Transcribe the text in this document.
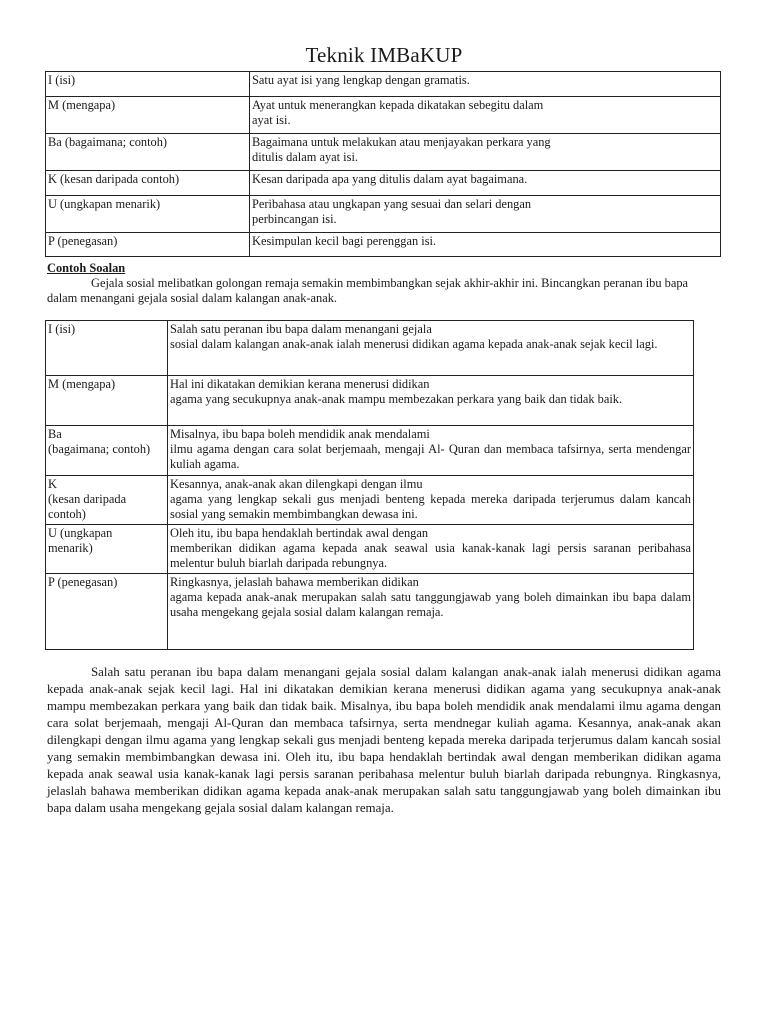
Teknik IMBaKUP
I (isi)	Satu ayat isi yang lengkap dengan gramatis.
M (mengapa)	Ayat untuk menerangkan kepada dikatakan sebegitu dalam
ayat isi.
Ba (bagaimana; contoh)	Bagaimana untuk melakukan atau menjayakan perkara yang
ditulis dalam ayat isi.
K (kesan daripada contoh)	Kesan daripada apa yang ditulis dalam ayat bagaimana.
U (ungkapan menarik)	Peribahasa atau ungkapan yang sesuai dan selari dengan
perbincangan isi.
P (penegasan)	Kesimpulan kecil bagi perenggan isi.
Contoh Soalan
Gejala sosial melibatkan golongan remaja semakin membimbangkan sejak akhir-akhir ini. Bincangkan peranan ibu bapa dalam menangani gejala sosial dalam kalangan anak-anak.
I (isi)	Salah satu peranan ibu bapa dalam menangani gejala
sosial dalam kalangan anak-anak ialah menerusi didikan agama kepada anak-anak sejak kecil lagi.
M (mengapa)	Hal ini dikatakan demikian kerana menerusi didikan
agama yang secukupnya anak-anak mampu membezakan perkara yang baik dan tidak baik.
Ba
(bagaimana; contoh)	Misalnya, ibu bapa boleh mendidik anak mendalami
ilmu agama dengan cara solat berjemaah, mengaji Al- Quran dan membaca tafsirnya, serta mendengar kuliah agama.
K
(kesan daripada
contoh)	Kesannya, anak-anak akan dilengkapi dengan ilmu
agama yang lengkap sekali gus menjadi benteng kepada mereka daripada terjerumus dalam kancah sosial yang semakin membimbangkan dewasa ini.
U (ungkapan
menarik)	Oleh itu, ibu bapa hendaklah bertindak awal dengan
memberikan didikan agama kepada anak seawal usia kanak-kanak lagi persis saranan peribahasa melentur buluh biarlah daripada rebungnya.
P (penegasan)	Ringkasnya, jelaslah bahawa memberikan didikan
agama kepada anak-anak merupakan salah satu tanggungjawab yang boleh dimainkan ibu bapa dalam usaha mengekang gejala sosial dalam kalangan remaja.

Salah satu peranan ibu bapa dalam menangani gejala sosial dalam kalangan anak-anak ialah menerusi didikan agama kepada anak-anak sejak kecil lagi. Hal ini dikatakan demikian kerana menerusi didikan agama yang secukupnya anak-anak mampu membezakan perkara yang baik dan tidak baik. Misalnya, ibu bapa boleh mendidik anak mendalami ilmu agama dengan cara solat berjemaah, mengaji Al-Quran dan membaca tafsirnya, serta mendnegar kuliah agama. Kesannya, anak-anak akan dilengkapi dengan ilmu agama yang lengkap sekali gus menjadi benteng kepada mereka daripada terjerumus dalam kancah sosial yang semakin membimbangkan dewasa ini. Oleh itu, ibu bapa hendaklah bertindak awal dengan memberikan didikan agama kepada anak seawal usia kanak-kanak lagi persis saranan peribahasa melentur buluh biarlah daripada rebungnya. Ringkasnya, jelaslah bahawa memberikan didikan agama kepada anak-anak merupakan salah satu tanggungjawab yang boleh dimainkan ibu bapa dalam usaha mengekang gejala sosial dalam kalangan remaja.
